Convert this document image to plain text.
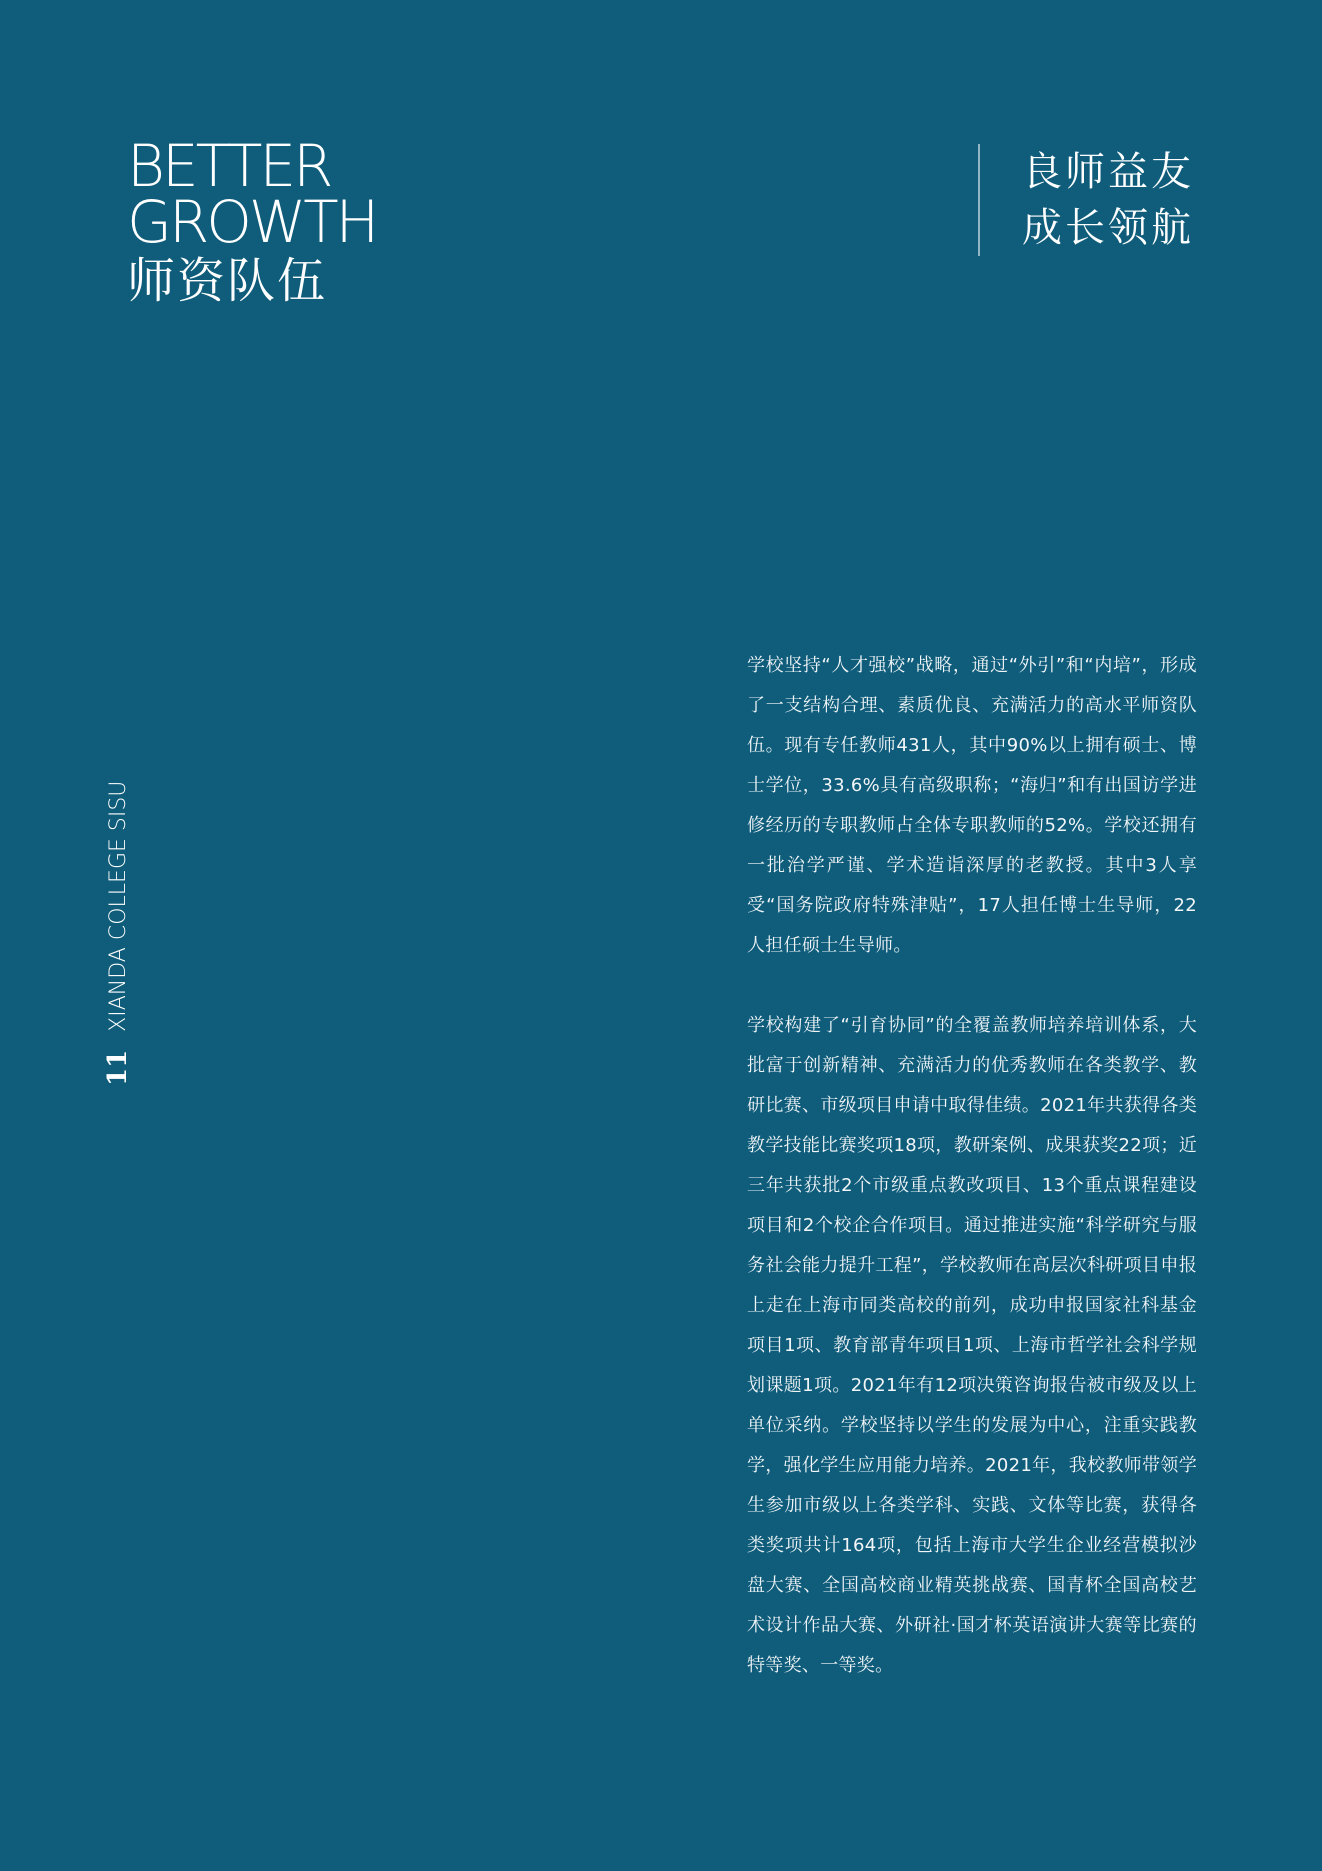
BETTER
GROWTH
师资队伍
良师益友
成长领航
11
XIANDA COLLEGE SISU

学校坚持“人才强校”战略，通过“外引”和“内培”，形成了一支结构合理、素质优良、充满活力的高水平师资队伍。现有专任教师431人，其中90%以上拥有硕士、博士学位，33.6%具有高级职称；“海归”和有出国访学进修经历的专职教师占全体专职教师的52%。学校还拥有一批治学严谨、学术造诣深厚的老教授。其中3人享受“国务院政府特殊津贴”，17人担任博士生导师，22人担任硕士生导师。

学校构建了“引育协同”的全覆盖教师培养培训体系，大批富于创新精神、充满活力的优秀教师在各类教学、教研比赛、市级项目申请中取得佳绩。2021年共获得各类教学技能比赛奖项18项，教研案例、成果获奖22项；近三年共获批2个市级重点教改项目、13个重点课程建设项目和2个校企合作项目。通过推进实施“科学研究与服务社会能力提升工程”，学校教师在高层次科研项目申报上走在上海市同类高校的前列，成功申报国家社科基金项目1项、教育部青年项目1项、上海市哲学社会科学规划课题1项。2021年有12项决策咨询报告被市级及以上单位采纳。学校坚持以学生的发展为中心，注重实践教学，强化学生应用能力培养。2021年，我校教师带领学生参加市级以上各类学科、实践、文体等比赛，获得各类奖项共计164项，包括上海市大学生企业经营模拟沙盘大赛、全国高校商业精英挑战赛、国青杯全国高校艺术设计作品大赛、外研社·国才杯英语演讲大赛等比赛的特等奖、一等奖。
